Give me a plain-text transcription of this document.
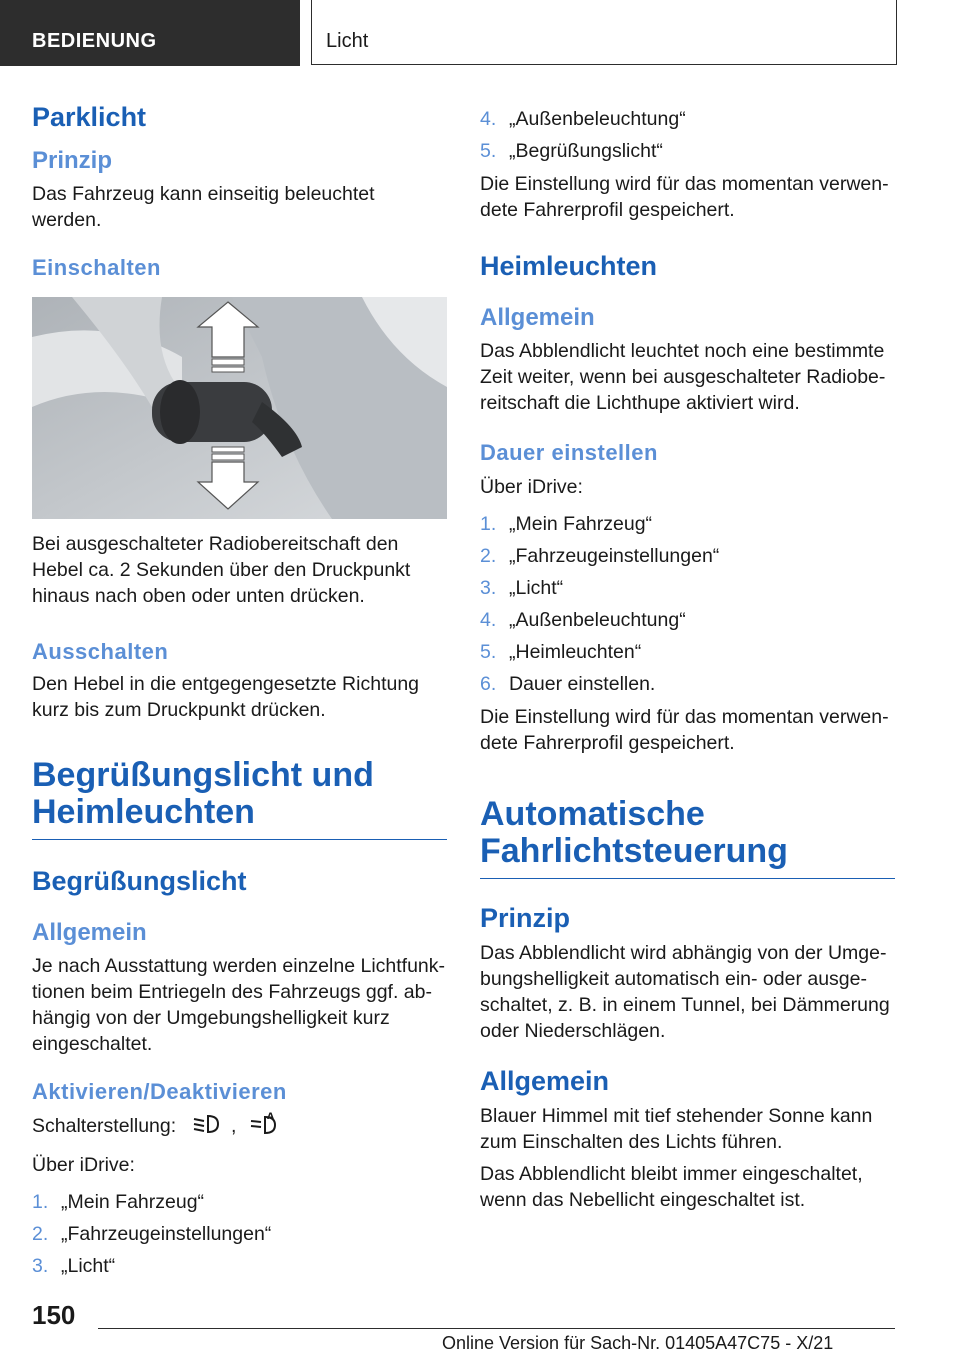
BEDIENUNG	Licht
Parklicht
Prinzip

Das Fahrzeug kann einseitig beleuchtet werden.

Einschalten

Bei ausgeschalteter Radiobereitschaft den Hebel ca. 2 Sekunden über den Druckpunkt hinaus nach oben oder unten drücken.

Ausschalten

Den Hebel in die entgegengesetzte Richtung kurz bis zum Druckpunkt drücken.

Begrüßungslicht und Heimleuchten
Begrüßungslicht
Allgemein

Je nach Ausstattung werden einzelne Lichtfunktionen beim Entriegeln des Fahrzeugs ggf. abhängig von der Umgebungshelligkeit kurz eingeschaltet.

Aktivieren/Deaktivieren

Schalterstellung:	,	A

Über iDrive:

1. „Mein Fahrzeug“
2. „Fahrzeugeinstellungen“
3. „Licht“
4. „Außenbeleuchtung“
5. „Begrüßungslicht“

Die Einstellung wird für das momentan verwendete Fahrerprofil gespeichert.

Heimleuchten
Allgemein

Das Abblendlicht leuchtet noch eine bestimmte Zeit weiter, wenn bei ausgeschalteter Radiobereitschaft die Lichthupe aktiviert wird.

Dauer einstellen

Über iDrive:

1. „Mein Fahrzeug“
2. „Fahrzeugeinstellungen“
3. „Licht“
4. „Außenbeleuchtung“
5. „Heimleuchten“
6. Dauer einstellen.

Die Einstellung wird für das momentan verwendete Fahrerprofil gespeichert.

Automatische Fahrlichtsteuerung
Prinzip

Das Abblendlicht wird abhängig von der Umgebungshelligkeit automatisch ein- oder ausgeschaltet, z. B. in einem Tunnel, bei Dämmerung oder Niederschlägen.

Allgemein

Blauer Himmel mit tief stehender Sonne kann zum Einschalten des Lichts führen.

Das Abblendlicht bleibt immer eingeschaltet, wenn das Nebellicht eingeschaltet ist.

150
Online Version für Sach-Nr. 01405A47C75 - X/21
